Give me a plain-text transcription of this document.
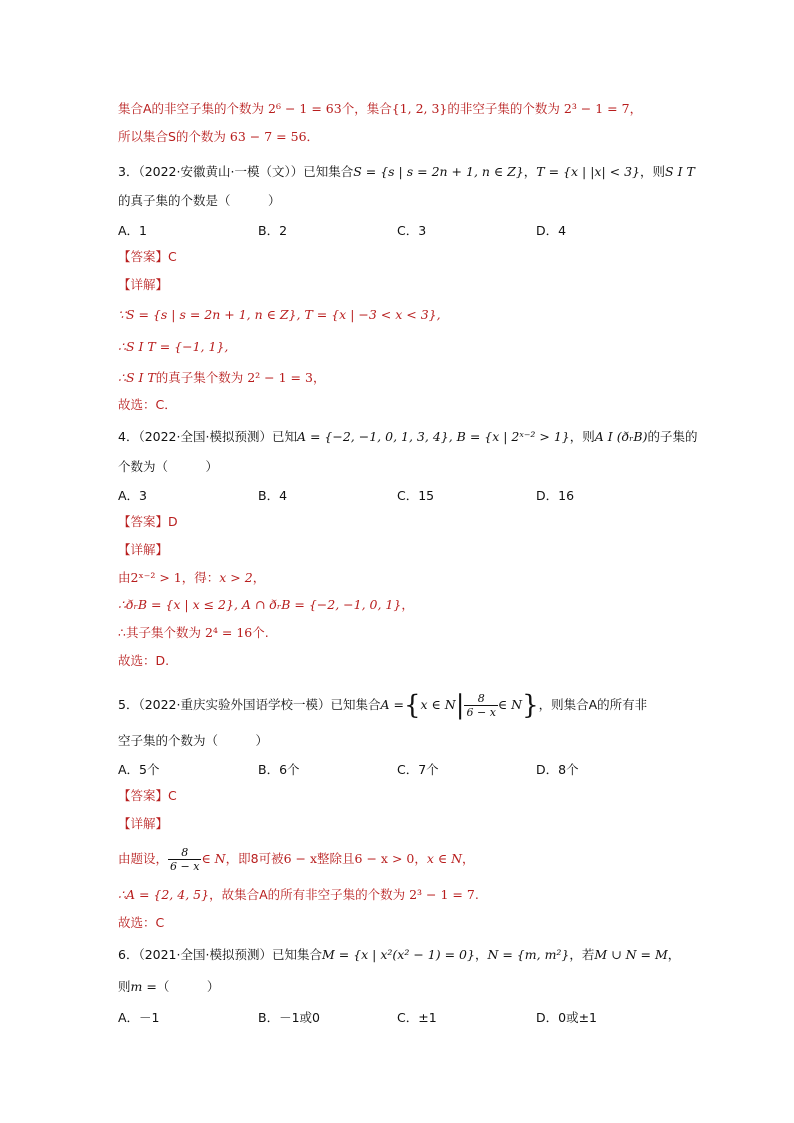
集合A的非空子集的个数为 2⁶ − 1 = 63个，集合{1, 2, 3}的非空子集的个数为 2³ − 1 = 7，
所以集合S的个数为 63 − 7 = 56．
3．（2022·安徽黄山·一模（文））已知集合S = {s | s = 2n + 1, n ∈ Z}，T = {x | |x| < 3}，则S I T
的真子集的个数是（　　　）
A．1	B．2	C．3	D．4
【答案】C
【详解】
∵S = {s | s = 2n + 1, n ∈ Z}, T = {x | −3 < x < 3},
∴S I T = {−1, 1},
∴S I T的真子集个数为 2² − 1 = 3，
故选：C．
4．（2022·全国·模拟预测）已知A = {−2, −1, 0, 1, 3, 4}, B = {x | 2ˣ⁻² > 1}，则A I (ðᵣB)的子集的
个数为（　　　）
A．3	B．4	C．15	D．16
【答案】D
【详解】
由2ˣ⁻² > 1，得：x > 2，
∴ðᵣB = {x | x ≤ 2}, A ∩ ðᵣB = {−2, −1, 0, 1}，
∴其子集个数为 2⁴ = 16个.
故选：D.
5．（2022·重庆实验外国语学校一模）已知集合A ={x ∈ $N| \frac{8}{6 - x}$ ∈ N}，则集合A的所有非
空子集的个数为（　　　）
A．5个	B．6个	C．7个	D．8个
【答案】C
【详解】
由题设， $\frac{8}{6 - x}$ ∈ N，即8可被6 − x整除且6 − x > 0，x ∈ N，
∴A = {2, 4, 5}，故集合A的所有非空子集的个数为 2³ − 1 = 7.
故选：C
6．（2021·全国·模拟预测）已知集合M = {x | x²(x² − 1) = 0}，N = {m, m²}，若M ∪ N = M，
则m =（　　　）
A．－1	B．－1或0	C．±1	D．0或±1
